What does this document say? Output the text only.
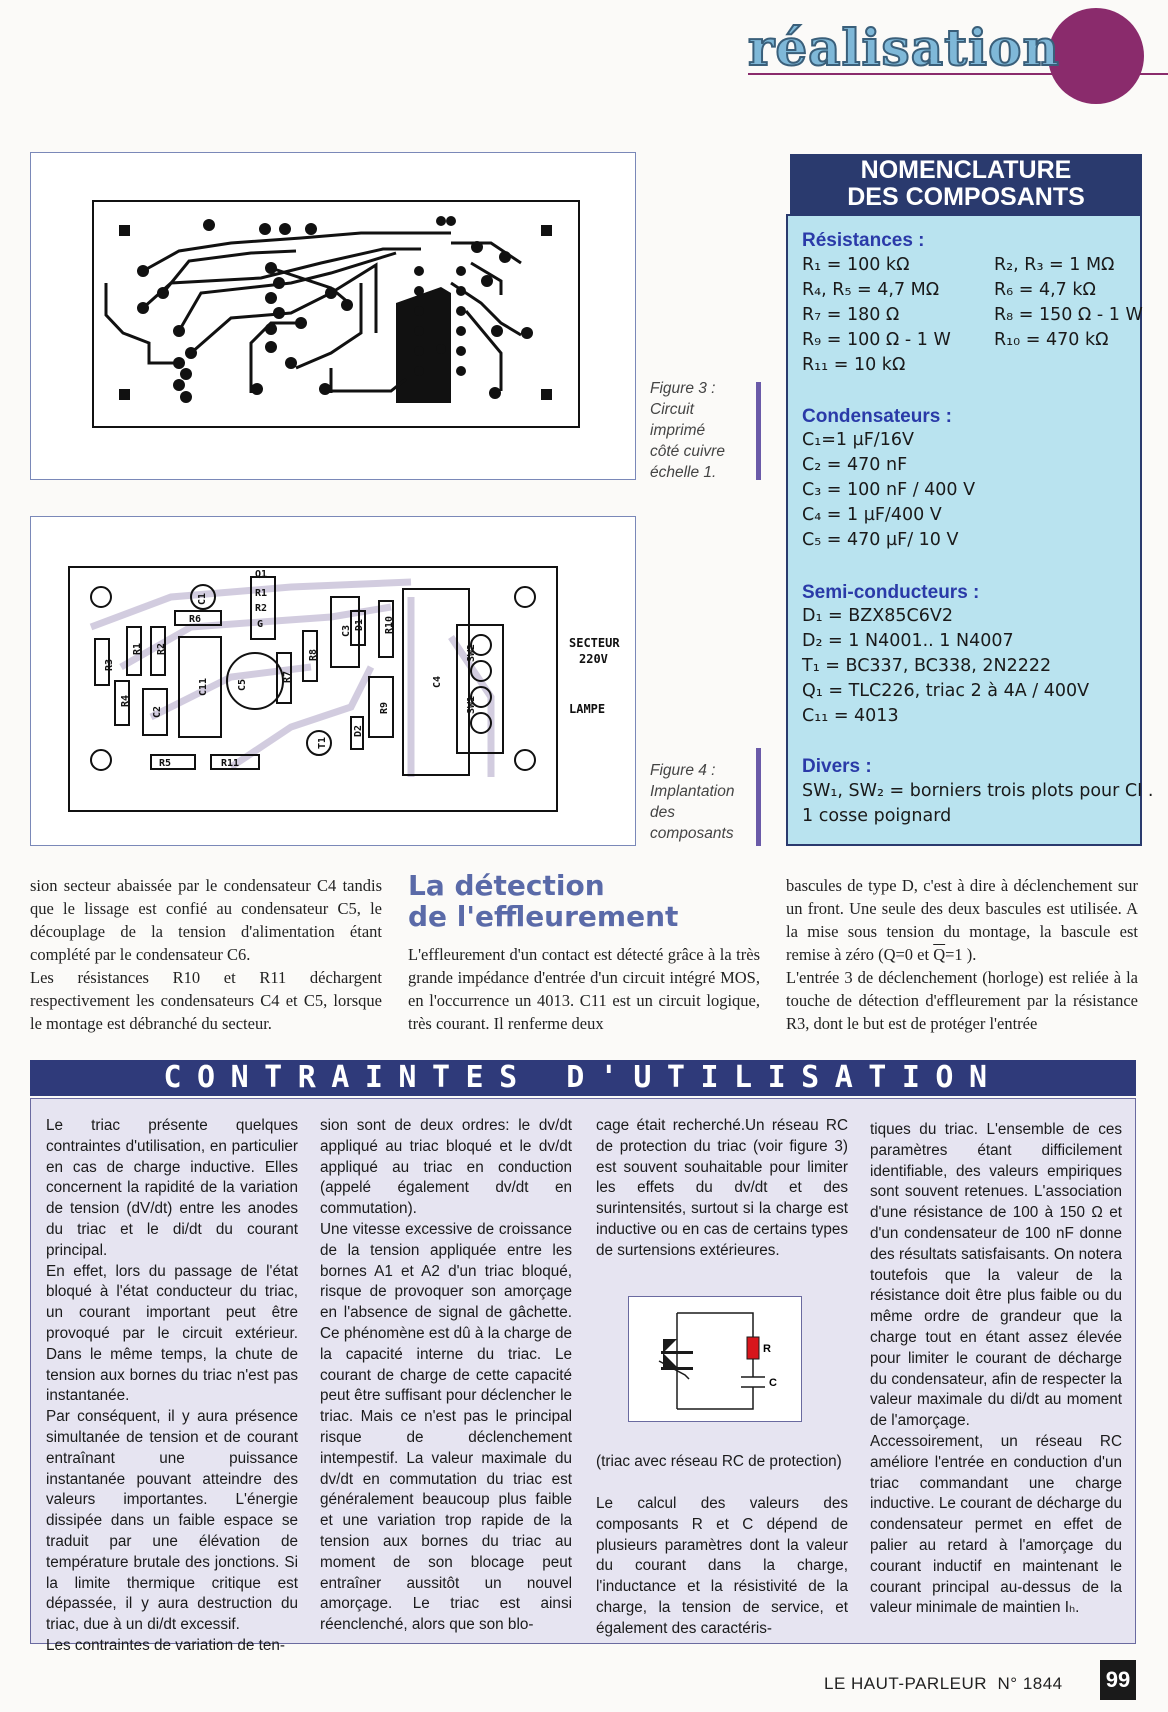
réalisation
Figure 3 :
Circuit
imprimé
côté cuivre
échelle 1.
R3
R1 R2
R4
C2
R6
C1
C11	C5
Q1
R1
R2
G
R7
R8
C3 D1 R10
R9
D2
T1
C4
R5	R11
SW2
SW1
SECTEUR
220V
LAMPE
Figure 4 :
Implantation
des
composants
NOMENCLATURE
DES COMPOSANTS
Résistances :
R₁ = 100 kΩ
R₄, R₅ = 4,7 MΩ
R₇ = 180 Ω
R₉ = 100 Ω - 1 W
R₁₁ = 10 kΩ
R₂, R₃ = 1 MΩ
R₆ = 4,7 kΩ
R₈ = 150 Ω - 1 W
R₁₀ = 470 kΩ
Condensateurs :
C₁=1 µF/16V
C₂ = 470 nF
C₃ = 100 nF / 400 V
C₄ = 1 µF/400 V
C₅ = 470 µF/ 10 V
Semi-conducteurs :
D₁ = BZX85C6V2
D₂ = 1 N4001.. 1 N4007
T₁ = BC337, BC338, 2N2222
Q₁ = TLC226, triac 2 à 4A / 400V
C₁₁ = 4013
Divers :
SW₁, SW₂ = borniers trois plots pour CI .
1 cosse poignard

sion secteur abaissée par le condensateur C4 tandis que le lissage est confié au condensateur C5, le découplage de la tension d'alimentation étant complété par le condensateur C6.

Les résistances R10 et R11 déchargent respectivement les condensateurs C4 et C5, lorsque le montage est débranché du secteur.

La détection
de l'effleurement

L'effleurement d'un contact est détecté grâce à la très grande impédance d'entrée d'un circuit intégré MOS, en l'occurrence un 4013. C11 est un circuit logique, très courant. Il renferme deux

bascules de type D, c'est à dire à déclenchement sur un front. Une seule des deux bascules est utilisée. A la mise sous tension du montage, la bascule est remise à zéro (Q=0 et $\overline{Q}=1$ ).

L'entrée 3 de déclenchement (horloge) est reliée à la touche de détection d'effleurement par la résistance R3, dont le but est de protéger l'entrée

CONTRAINTES D'UTILISATION

Le triac présente quelques contraintes d'utilisation, en particulier en cas de charge inductive. Elles concernent la rapidité de la variation de tension (dV/dt) entre les anodes du triac et le di/dt du courant principal.

En effet, lors du passage de l'état bloqué à l'état conducteur du triac, un courant important peut être provoqué par le circuit extérieur. Dans le même temps, la chute de tension aux bornes du triac n'est pas instantanée.

Par conséquent, il y aura présence simultanée de tension et de courant entraînant une puissance instantanée pouvant atteindre des valeurs importantes. L'énergie dissipée dans un faible espace se traduit par une élévation de température brutale des jonctions. Si la limite thermique critique est dépassée, il y aura destruction du triac, due à un di/dt excessif.

Les contraintes de variation de ten-

sion sont de deux ordres: le dv/dt appliqué au triac bloqué et le dv/dt appliqué au triac en conduction (appelé également dv/dt en commutation).

Une vitesse excessive de croissance de la tension appliquée entre les bornes A1 et A2 d'un triac bloqué, risque de provoquer son amorçage en l'absence de signal de gâchette. Ce phénomène est dû à la charge de la capacité interne du triac. Le courant de charge de cette capacité peut être suffisant pour déclencher le triac. Mais ce n'est pas le principal risque de déclenchement intempestif. La valeur maximale du dv/dt en commutation du triac est généralement beaucoup plus faible et une variation trop rapide de la tension aux bornes du triac au moment de son blocage peut entraîner aussitôt un nouvel amorçage. Le triac est ainsi réenclenché, alors que son blo-

cage était recherché.Un réseau RC de protection du triac (voir figure 3) est souvent souhaitable pour limiter les effets du dv/dt et des surintensités, surtout si la charge est inductive ou en cas de certains types de surtensions extérieures.

R
C
(triac avec réseau RC de protection)

Le calcul des valeurs des composants R et C dépend de plusieurs paramètres dont la valeur du courant dans la charge, l'inductance et la résistivité de la charge, la tension de service, et également des caractéris-

tiques du triac. L'ensemble de ces paramètres étant difficilement identifiable, des valeurs empiriques sont souvent retenues. L'association d'une résistance de 100 à 150 Ω et d'un condensateur de 100 nF donne des résultats satisfaisants. On notera toutefois que la valeur de la résistance doit être plus faible ou du même ordre de grandeur que la charge tout en étant assez élevée pour limiter le courant de décharge du condensateur, afin de respecter la valeur maximale du di/dt au moment de l'amorçage.

Accessoirement, un réseau RC améliore l'entrée en conduction d'un triac commandant une charge inductive. Le courant de décharge du condensateur permet en effet de palier au retard à l'amorçage du courant inductif en maintenant le courant principal au-dessus de la valeur minimale de maintien Iₕ.

LE HAUT-PARLEUR N° 1844 99
